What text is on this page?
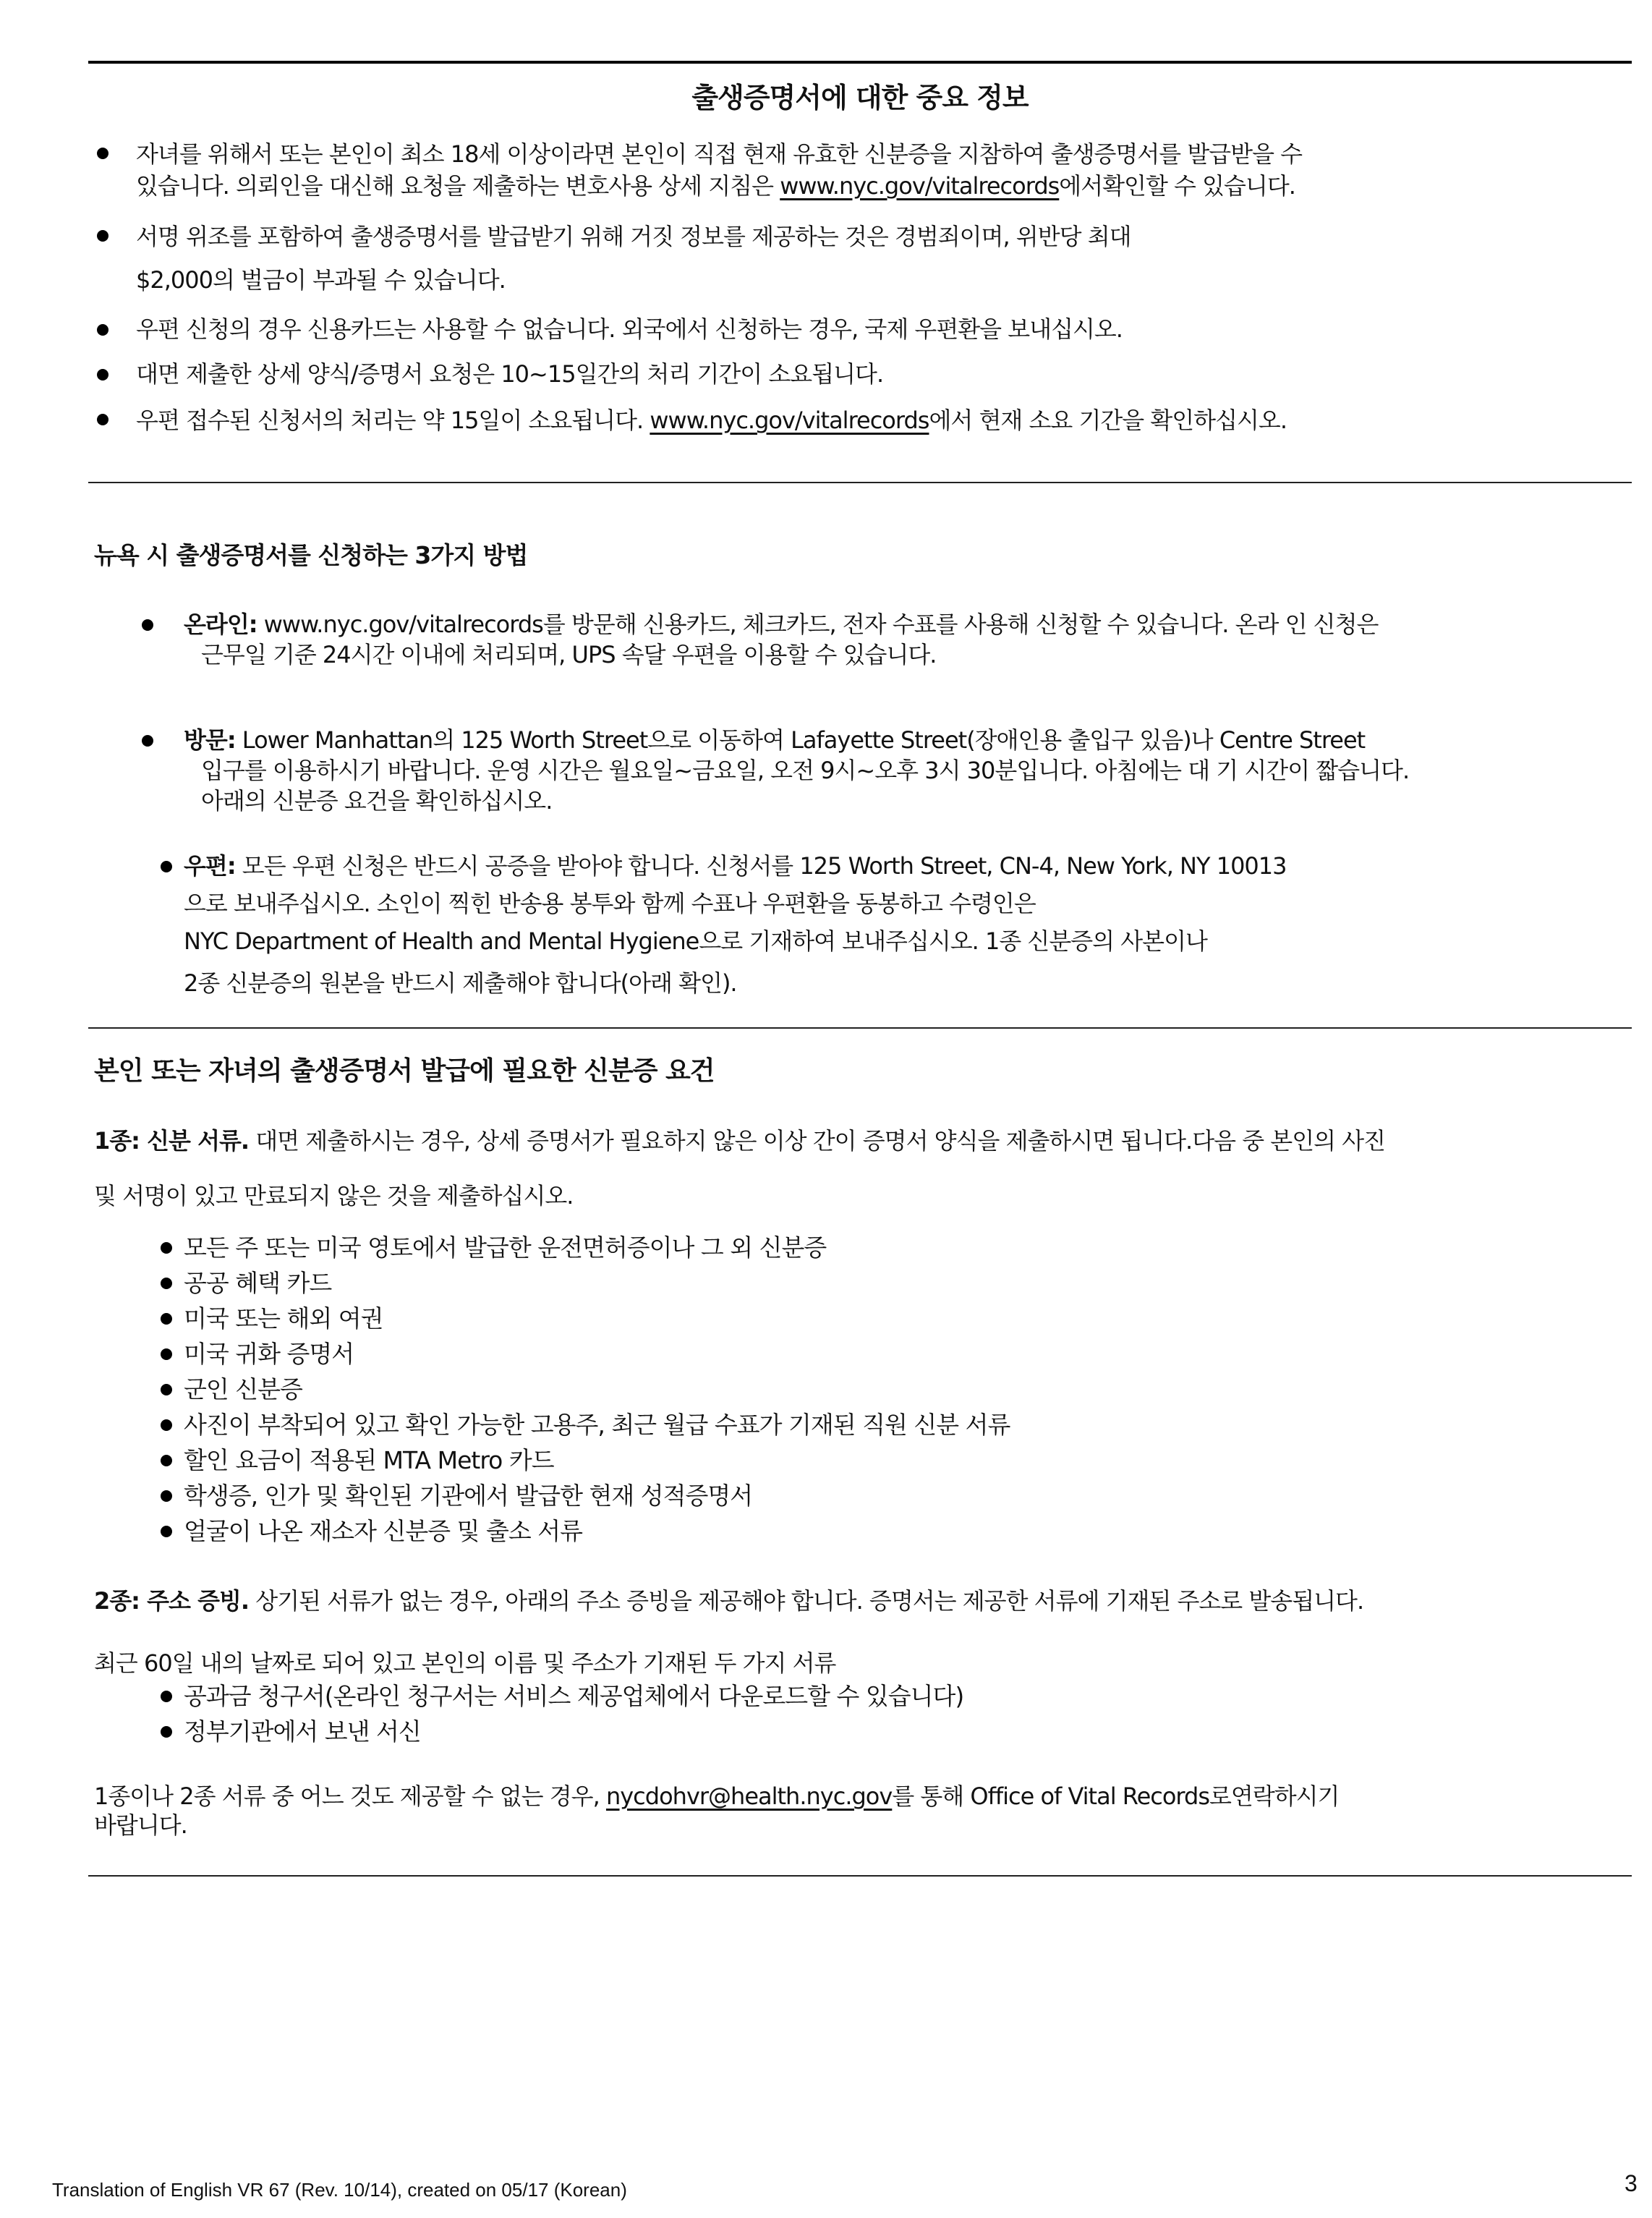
출생증명서에 대한 중요 정보
자녀를 위해서 또는 본인이 최소 18세 이상이라면 본인이 직접 현재 유효한 신분증을 지참하여 출생증명서를 발급받을 수
있습니다. 의뢰인을 대신해 요청을 제출하는 변호사용 상세 지침은 www.nyc.gov/vitalrecords에서확인할 수 있습니다.
서명 위조를 포함하여 출생증명서를 발급받기 위해 거짓 정보를 제공하는 것은 경범죄이며, 위반당 최대
$2,000의 벌금이 부과될 수 있습니다.
우편 신청의 경우 신용카드는 사용할 수 없습니다. 외국에서 신청하는 경우, 국제 우편환을 보내십시오.
대면 제출한 상세 양식/증명서 요청은 10~15일간의 처리 기간이 소요됩니다.
우편 접수된 신청서의 처리는 약 15일이 소요됩니다. www.nyc.gov/vitalrecords에서 현재 소요 기간을 확인하십시오.
뉴욕 시 출생증명서를 신청하는 3가지 방법
온라인: www.nyc.gov/vitalrecords를 방문해 신용카드, 체크카드, 전자 수표를 사용해 신청할 수 있습니다. 온라 인 신청은
근무일 기준 24시간 이내에 처리되며, UPS 속달 우편을 이용할 수 있습니다.
방문: Lower Manhattan의 125 Worth Street으로 이동하여 Lafayette Street(장애인용 출입구 있음)나 Centre Street
입구를 이용하시기 바랍니다. 운영 시간은 월요일~금요일, 오전 9시~오후 3시 30분입니다. 아침에는 대 기 시간이 짧습니다.
아래의 신분증 요건을 확인하십시오.
우편: 모든 우편 신청은 반드시 공증을 받아야 합니다. 신청서를 125 Worth Street, CN-4, New York, NY 10013
으로 보내주십시오. 소인이 찍힌 반송용 봉투와 함께 수표나 우편환을 동봉하고 수령인은
NYC Department of Health and Mental Hygiene으로 기재하여 보내주십시오. 1종 신분증의 사본이나
2종 신분증의 원본을 반드시 제출해야 합니다(아래 확인).
본인 또는 자녀의 출생증명서 발급에 필요한 신분증 요건
1종: 신분 서류. 대면 제출하시는 경우, 상세 증명서가 필요하지 않은 이상 간이 증명서 양식을 제출하시면 됩니다.다음 중 본인의 사진
및 서명이 있고 만료되지 않은 것을 제출하십시오.
모든 주 또는 미국 영토에서 발급한 운전면허증이나 그 외 신분증
공공 혜택 카드
미국 또는 해외 여권
미국 귀화 증명서
군인 신분증
사진이 부착되어 있고 확인 가능한 고용주, 최근 월급 수표가 기재된 직원 신분 서류
할인 요금이 적용된 MTA Metro 카드
학생증, 인가 및 확인된 기관에서 발급한 현재 성적증명서
얼굴이 나온 재소자 신분증 및 출소 서류
2종: 주소 증빙. 상기된 서류가 없는 경우, 아래의 주소 증빙을 제공해야 합니다. 증명서는 제공한 서류에 기재된 주소로 발송됩니다.
최근 60일 내의 날짜로 되어 있고 본인의 이름 및 주소가 기재된 두 가지 서류
공과금 청구서(온라인 청구서는 서비스 제공업체에서 다운로드할 수 있습니다)
정부기관에서 보낸 서신
1종이나 2종 서류 중 어느 것도 제공할 수 없는 경우, nycdohvr@health.nyc.gov를 통해 Office of Vital Records로연락하시기
바랍니다.
Translation of English VR 67 (Rev. 10/14), created on 05/17 (Korean)	3
